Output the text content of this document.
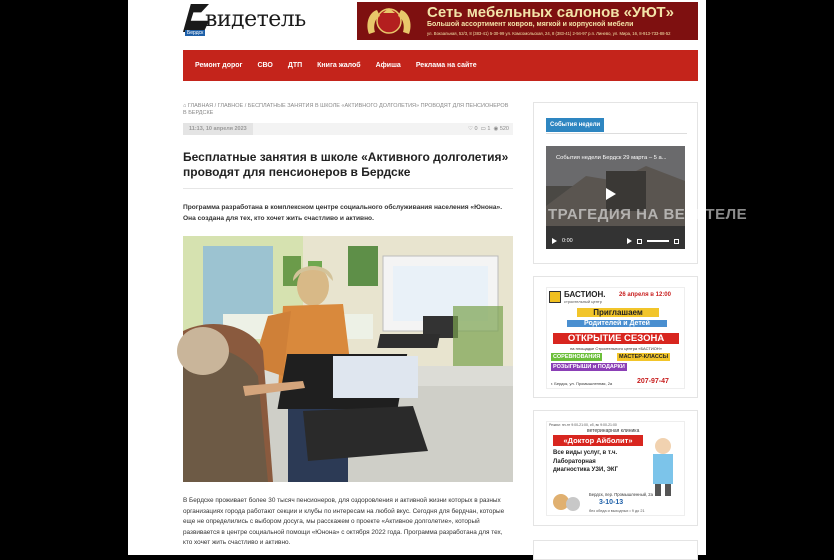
видетель
Бердск
Сеть мебельных салонов «УЮТ»
Большой ассортимент ковров, мягкой и корпусной мебели
ул. Вокзальная, 52/3, 8 (383-41) 5-30-99 ул. Комсомольская, 24, 8 (383-41) 2-94-97 р.п. Линево, ул. Мира, 16, 8-913-733-88-52
Ремонт дорог СВО ДТП Книга жалоб Афиша Реклама на сайте
⌂ ГЛАВНАЯ / ГЛАВНОЕ / БЕСПЛАТНЫЕ ЗАНЯТИЯ В ШКОЛЕ «АКТИВНОГО ДОЛГОЛЕТИЯ» ПРОВОДЯТ ДЛЯ ПЕНСИОНЕРОВ В БЕРДСКЕ
11:13, 10 апреля 2023	♡ 0  ▭ 1  ◉ 520
Бесплатные занятия в школе «Активного долголетия» проводят для пенсионеров в Бердске

Программа разработана в комплексном центре социального обслуживания населения «Юнона». Она создана для тех, кто хочет жить счастливо и активно.

В Бердске проживает более 30 тысяч пенсионеров, для оздоровления и активной жизни которых в разных организациях города работают секции и клубы по интересам на любой вкус. Сегодня для бердчан, которые еще не определились с выбором досуга, мы расскажем о проекте «Активное долголетие», который развивается в центре социальной помощи «Юнона» с октября 2022 года. Программа разработана для тех, кто хочет жить счастливо и активно.

События недели
События недели Бердск 29 марта – 5 а...
ТРАГЕДИЯ НА ВЕКЕТЕЛЕ
0:00
БАСТИОН.
строительный центр
26 апреля в 12:00
Приглашаем
Родителей и Детей
ОТКРЫТИЕ СЕЗОНА
на площадке Строительного центра «БАСТИОН»
СОРЕВНОВАНИЯ	МАСТЕР-КЛАССЫ
РОЗЫГРЫШИ и ПОДАРКИ
г. Бердск, ул. Промышленная, 2а	207-97-47
Режим: пн-пт 9:00-21:00, сб, вс 9:00-21:00
ветеринарная клиника
«Доктор Айболит»
Все виды услуг, в т.ч. Лабораторная диагностика УЗИ, ЭКГ
Бердск, пер. Промышленный, 2а
3-10-13
без обеда и выходных • 9 до 21
